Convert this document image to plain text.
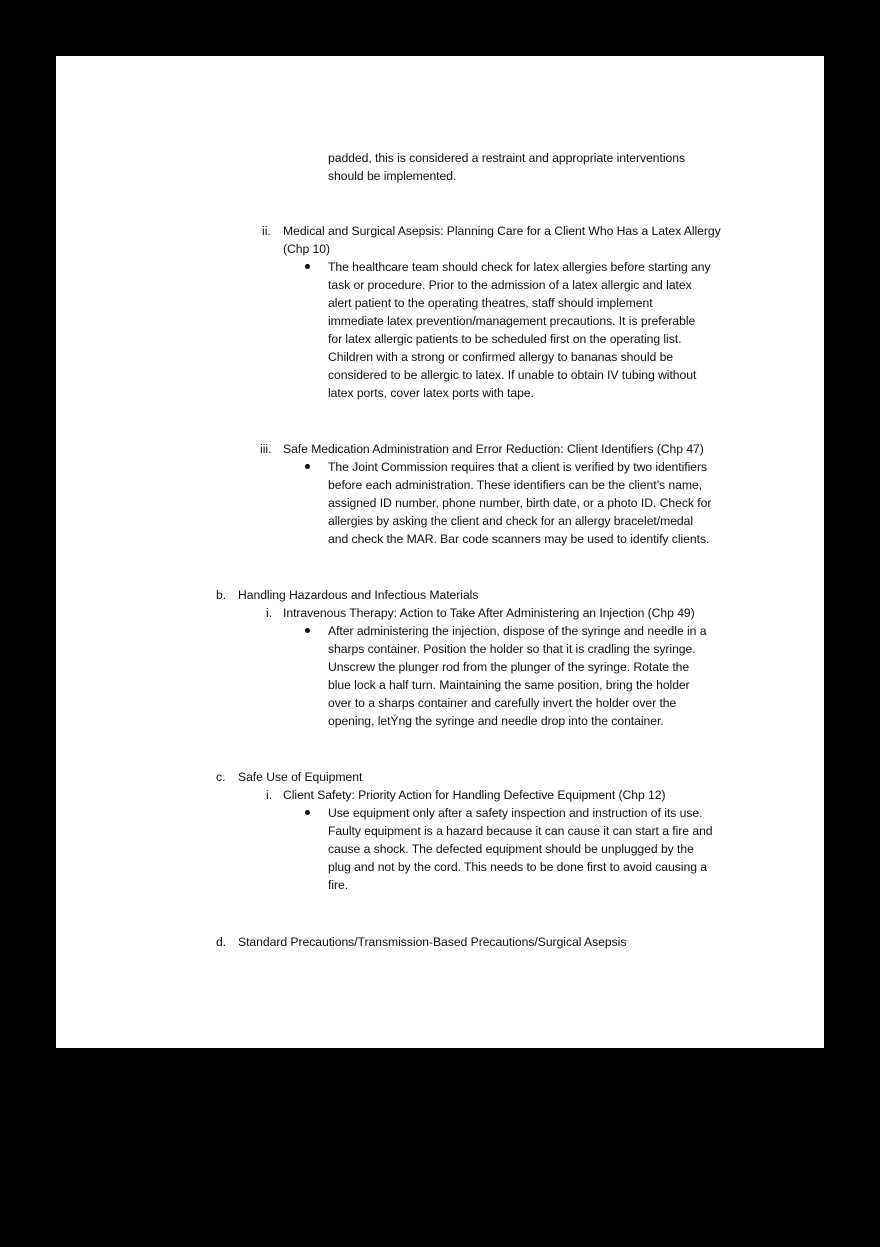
padded, this is considered a restraint and appropriate interventions
should be implemented.
ii. Medical and Surgical Asepsis: Planning Care for a Client Who Has a Latex Allergy
(Chp 10)
The healthcare team should check for latex allergies before starting any
task or procedure. Prior to the admission of a latex allergic and latex
alert patient to the operating theatres, staff should implement
immediate latex prevention/management precautions. It is preferable
for latex allergic patients to be scheduled first on the operating list.
Children with a strong or confirmed allergy to bananas should be
considered to be allergic to latex. If unable to obtain IV tubing without
latex ports, cover latex ports with tape.
iii. Safe Medication Administration and Error Reduction: Client Identifiers (Chp 47)
The Joint Commission requires that a client is verified by two identifiers
before each administration. These identifiers can be the client’s name,
assigned ID number, phone number, birth date, or a photo ID. Check for
allergies by asking the client and check for an allergy bracelet/medal
and check the MAR. Bar code scanners may be used to identify clients.
b. Handling Hazardous and Infectious Materials
i. Intravenous Therapy: Action to Take After Administering an Injection (Chp 49)
After administering the injection, dispose of the syringe and needle in a
sharps container. Position the holder so that it is cradling the syringe.
Unscrew the plunger rod from the plunger of the syringe. Rotate the
blue lock a half turn. Maintaining the same position, bring the holder
over to a sharps container and carefully invert the holder over the
opening, letÝng the syringe and needle drop into the container.
c. Safe Use of Equipment
i. Client Safety: Priority Action for Handling Defective Equipment (Chp 12)
Use equipment only after a safety inspection and instruction of its use.
Faulty equipment is a hazard because it can cause it can start a fire and
cause a shock. The defected equipment should be unplugged by the
plug and not by the cord. This needs to be done first to avoid causing a
fire.
d. Standard Precautions/Transmission-Based Precautions/Surgical Asepsis
